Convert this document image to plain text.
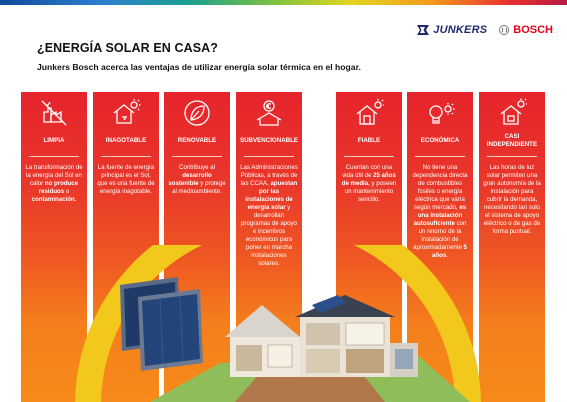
JUNKERS BOSCH
¿ENERGÍA SOLAR EN CASA?
Junkers Bosch acerca las ventajas de utilizar energía solar térmica en el hogar.
LIMPIA
La transformación de la energía del Sol en calor no produce residuos o contaminación.
INAGOTABLE
La fuente de energía principal es el Sol, que es una fuente de energía inagotable.
RENOVABLE
Contribuye al desarrollo sostenible y protege al medioambiente.
SUBVENCIONABLE
Las Administraciones Públicas, a través de las CCAA, apuestan por las instalaciones de energía solar y desarrollan programas de apoyo e incentivos económicos para poner en marcha instalaciones solares.
FIABLE
Cuentan con una vida útil de 25 años de media, y poseen un mantenimiento sencillo.
ECONÓMICA
No tiene una dependencia directa de combustibles fósiles o energía eléctrica que varía según mercado, es una instalación autosuficiente con un retorno de la instalación de aproximadamente 5 años.
CASI INDEPENDIENTE
Las horas de luz solar permiten una gran autonomía de la instalación para cubrir la demanda, necesitando tan solo el sistema de apoyo eléctrico o de gas de forma puntual.
